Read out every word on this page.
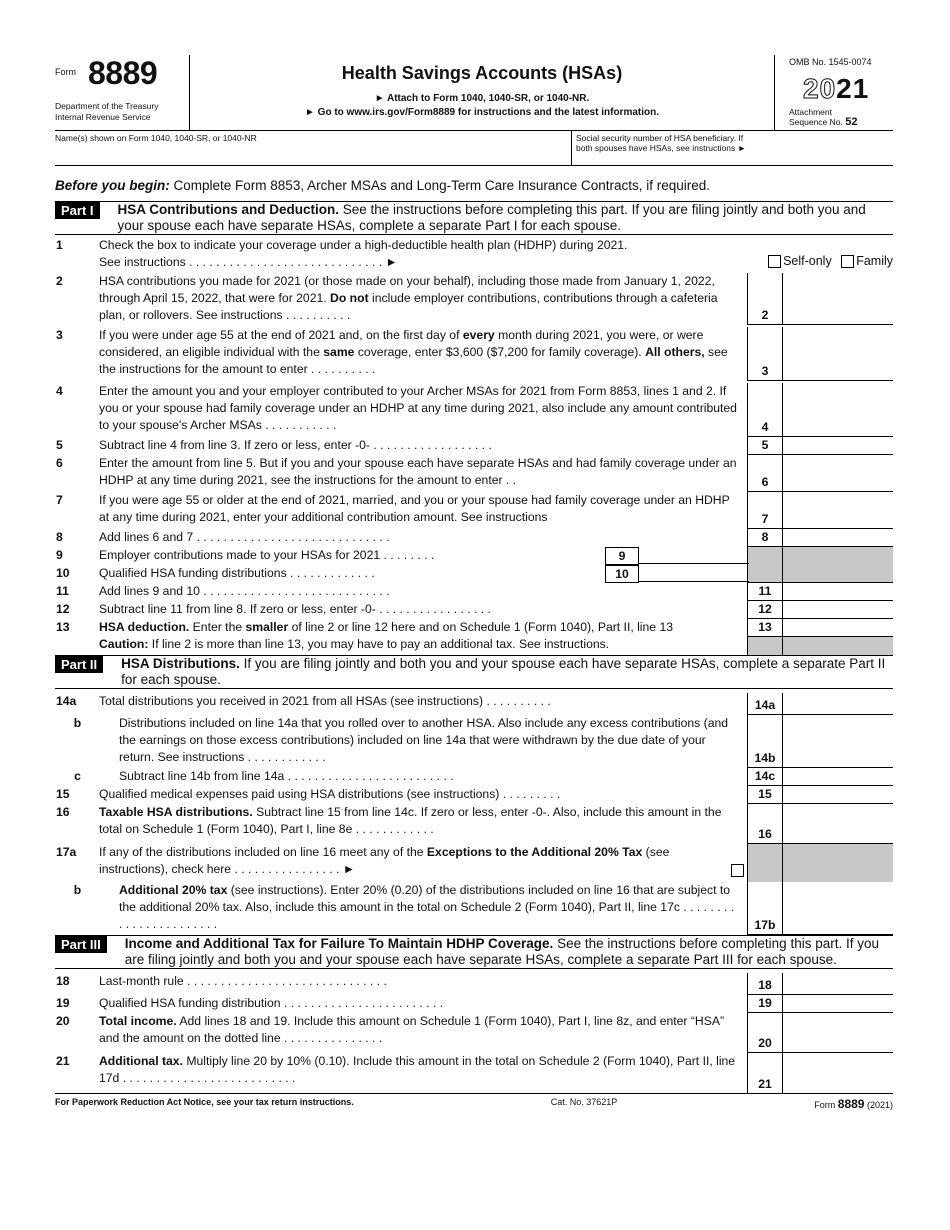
Form 8889
Department of the Treasury
Internal Revenue Service
Health Savings Accounts (HSAs)
► Attach to Form 1040, 1040-SR, or 1040-NR.
► Go to www.irs.gov/Form8889 for instructions and the latest information.
OMB No. 1545-0074
2021
Attachment
Sequence No. 52
Name(s) shown on Form 1040, 1040-SR, or 1040-NR	Social security number of HSA beneficiary. If both spouses have HSAs, see instructions ►
Before you begin: Complete Form 8853, Archer MSAs and Long-Term Care Insurance Contracts, if required.
Part I	HSA Contributions and Deduction. See the instructions before completing this part. If you are filing jointly and both you and your spouse each have separate HSAs, complete a separate Part I for each spouse.
1	Check the box to indicate your coverage under a high-deductible health plan (HDHP) during 2021.
See instructions . . . . . . . . . . . . . . . . . . . . . . . . . . . . . ►	Self-only Family
2	HSA contributions you made for 2021 (or those made on your behalf), including those made from January 1, 2022, through April 15, 2022, that were for 2021. Do not include employer contributions, contributions through a cafeteria plan, or rollovers. See instructions . . . . . . . . . .	2
3	If you were under age 55 at the end of 2021 and, on the first day of every month during 2021, you were, or were considered, an eligible individual with the same coverage, enter $3,600 ($7,200 for family coverage). All others, see the instructions for the amount to enter . . . . . . . . . .	3
4	Enter the amount you and your employer contributed to your Archer MSAs for 2021 from Form 8853, lines 1 and 2. If you or your spouse had family coverage under an HDHP at any time during 2021, also include any amount contributed to your spouse's Archer MSAs . . . . . . . . . . .	4
5	Subtract line 4 from line 3. If zero or less, enter -0- . . . . . . . . . . . . . . . . . .	5
6	Enter the amount from line 5. But if you and your spouse each have separate HSAs and had family coverage under an HDHP at any time during 2021, see the instructions for the amount to enter . .	6
7	If you were age 55 or older at the end of 2021, married, and you or your spouse had family coverage under an HDHP at any time during 2021, enter your additional contribution amount. See instructions	7
8	Add lines 6 and 7 . . . . . . . . . . . . . . . . . . . . . . . . . . . . .	8
9	Employer contributions made to your HSAs for 2021 . . . . . . . .	9
10	Qualified HSA funding distributions . . . . . . . . . . . . .	10
11	Add lines 9 and 10 . . . . . . . . . . . . . . . . . . . . . . . . . . . .	11
12	Subtract line 11 from line 8. If zero or less, enter -0- . . . . . . . . . . . . . . . . .	12
13	HSA deduction. Enter the smaller of line 2 or line 12 here and on Schedule 1 (Form 1040), Part II, line 13
Caution: If line 2 is more than line 13, you may have to pay an additional tax. See instructions.
13
Part II	HSA Distributions. If you are filing jointly and both you and your spouse each have separate HSAs, complete a separate Part II for each spouse.
14a	Total distributions you received in 2021 from all HSAs (see instructions) . . . . . . . . . .	14a
b	Distributions included on line 14a that you rolled over to another HSA. Also include any excess contributions (and the earnings on those excess contributions) included on line 14a that were withdrawn by the due date of your return. See instructions . . . . . . . . . . . .	14b
c	Subtract line 14b from line 14a . . . . . . . . . . . . . . . . . . . . . . . . .	14c
15	Qualified medical expenses paid using HSA distributions (see instructions) . . . . . . . . .	15
16	Taxable HSA distributions. Subtract line 15 from line 14c. If zero or less, enter -0-. Also, include this amount in the total on Schedule 1 (Form 1040), Part I, line 8e . . . . . . . . . . . .	16
17a	If any of the distributions included on line 16 meet any of the Exceptions to the Additional 20% Tax (see instructions), check here . . . . . . . . . . . . . . . . ►
b	Additional 20% tax (see instructions). Enter 20% (0.20) of the distributions included on line 16 that are subject to the additional 20% tax. Also, include this amount in the total on Schedule 2 (Form 1040), Part II, line 17c . . . . . . . . . . . . . . . . . . . . . . .	17b
Part III	Income and Additional Tax for Failure To Maintain HDHP Coverage. See the instructions before completing this part. If you are filing jointly and both you and your spouse each have separate HSAs, complete a separate Part III for each spouse.
18	Last-month rule . . . . . . . . . . . . . . . . . . . . . . . . . . . . . .	18
19	Qualified HSA funding distribution . . . . . . . . . . . . . . . . . . . . . . . .	19
20	Total income. Add lines 18 and 19. Include this amount on Schedule 1 (Form 1040), Part I, line 8z, and enter “HSA” and the amount on the dotted line . . . . . . . . . . . . . . .	20
21	Additional tax. Multiply line 20 by 10% (0.10). Include this amount in the total on Schedule 2 (Form 1040), Part II, line 17d . . . . . . . . . . . . . . . . . . . . . . . . . .	21
For Paperwork Reduction Act Notice, see your tax return instructions.	Cat. No. 37621P	Form 8889 (2021)
